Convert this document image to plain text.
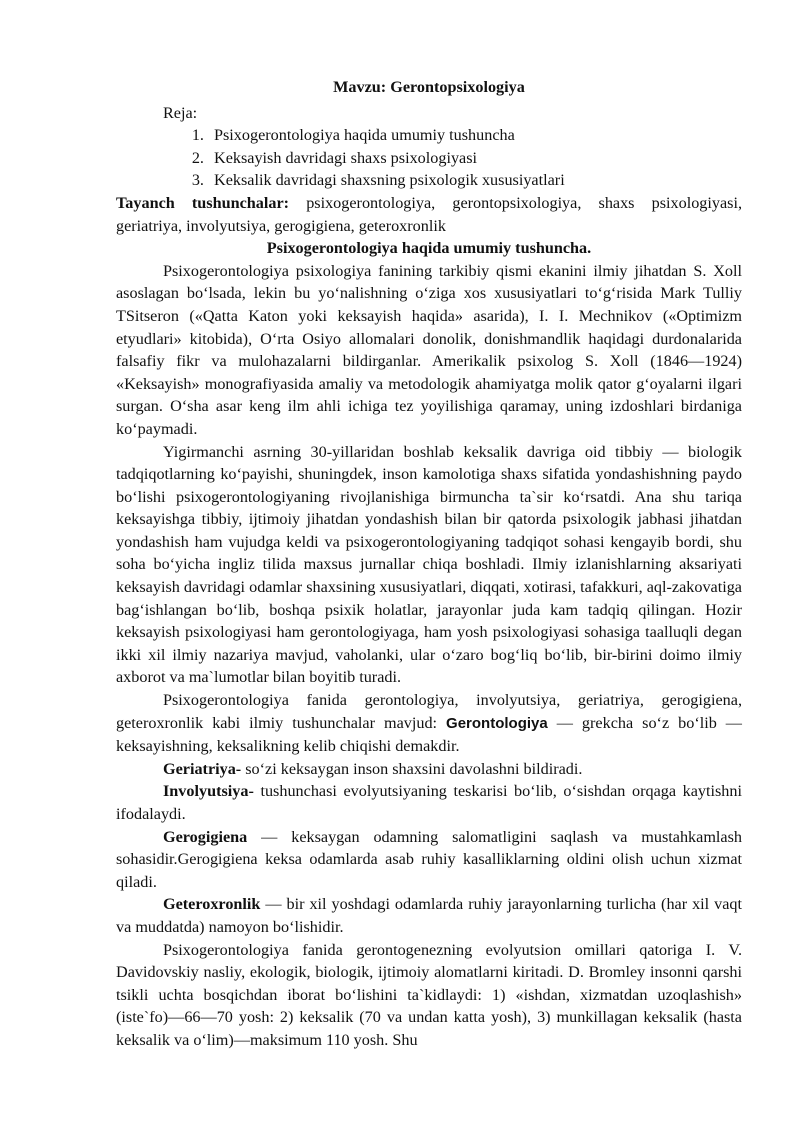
Mavzu: Gerontopsixologiya

Reja:

1. Psixogerontologiya haqida umumiy tushuncha
2. Keksayish davridagi shaxs psixologiyasi
3. Keksalik davridagi shaxsning psixologik xususiyatlari

Tayanch tushunchalar: psixogerontologiya, gerontopsixologiya, shaxs psixologiyasi, geriatriya, involyutsiya, gerogigiena, geteroxronlik

Psixogerontologiya haqida umumiy tushuncha.

Psixogerontologiya psixologiya fanining tarkibiy qismi ekanini ilmiy jihatdan S. Xoll asoslagan bo‘lsada, lekin bu yo‘nalishning o‘ziga xos xususiyatlari to‘g‘risida Mark Tulliy TSitseron («Qatta Katon yoki keksayish haqida» asarida), I. I. Mechnikov («Optimizm etyudlari» kitobida), O‘rta Osiyo allomalari donolik, donishmandlik haqidagi durdonalarida falsafiy fikr va mulohazalarni bildirganlar. Amerikalik psixolog S. Xoll (1846—1924) «Keksayish» monografiyasida amaliy va metodologik ahamiyatga molik qator g‘oyalarni ilgari surgan. O‘sha asar keng ilm ahli ichiga tez yoyilishiga qaramay, uning izdoshlari birdaniga ko‘paymadi.

Yigirmanchi asrning 30-yillaridan boshlab keksalik davriga oid tibbiy — biologik tadqiqotlarning ko‘payishi, shuningdek, inson kamolotiga shaxs sifatida yondashishning paydo bo‘lishi psixogerontologiyaning rivojlanishiga birmuncha ta`sir ko‘rsatdi. Ana shu tariqa keksayishga tibbiy, ijtimoiy jihatdan yondashish bilan bir qatorda psixologik jabhasi jihatdan yondashish ham vujudga keldi va psixogerontologiyaning tadqiqot sohasi kengayib bordi, shu soha bo‘yicha ingliz tilida maxsus jurnallar chiqa boshladi. Ilmiy izlanishlarning aksariyati keksayish davridagi odamlar shaxsining xususiyatlari, diqqati, xotirasi, tafakkuri, aql-zakovatiga bag‘ishlangan bo‘lib, boshqa psixik holatlar, jarayonlar juda kam tadqiq qilingan. Hozir keksayish psixologiyasi ham gerontologiyaga, ham yosh psixologiyasi sohasiga taalluqli degan ikki xil ilmiy nazariya mavjud, vaholanki, ular o‘zaro bog‘liq bo‘lib, bir-birini doimo ilmiy axborot va ma`lumotlar bilan boyitib turadi.

Psixogerontologiya fanida gerontologiya, involyutsiya, geriatriya, gerogigiena, geteroxronlik kabi ilmiy tushunchalar mavjud: Gerontologiya — grekcha so‘z bo‘lib — keksayishning, keksalikning kelib chiqishi demakdir.

Geriatriya- so‘zi keksaygan inson shaxsini davolashni bildiradi.

Involyutsiya- tushunchasi evolyutsiyaning teskarisi bo‘lib, o‘sishdan orqaga kaytishni ifodalaydi.

Gerogigiena — keksaygan odamning salomatligini saqlash va mustahkamlash sohasidir.Gerogigiena keksa odamlarda asab ruhiy kasalliklarning oldini olish uchun xizmat qiladi.

Geteroxronlik — bir xil yoshdagi odamlarda ruhiy jarayonlarning turlicha (har xil vaqt va muddatda) namoyon bo‘lishidir.

Psixogerontologiya fanida gerontogenezning evolyutsion omillari qatoriga I. V. Davidovskiy nasliy, ekologik, biologik, ijtimoiy alomatlarni kiritadi. D. Bromley insonni qarshi tsikli uchta bosqichdan iborat bo‘lishini ta`kidlaydi: 1) «ishdan, xizmatdan uzoqlashish» (iste`fo)—66—70 yosh: 2) keksalik (70 va undan katta yosh), 3) munkillagan keksalik (hasta keksalik va o‘lim)—maksimum 110 yosh. Shu
